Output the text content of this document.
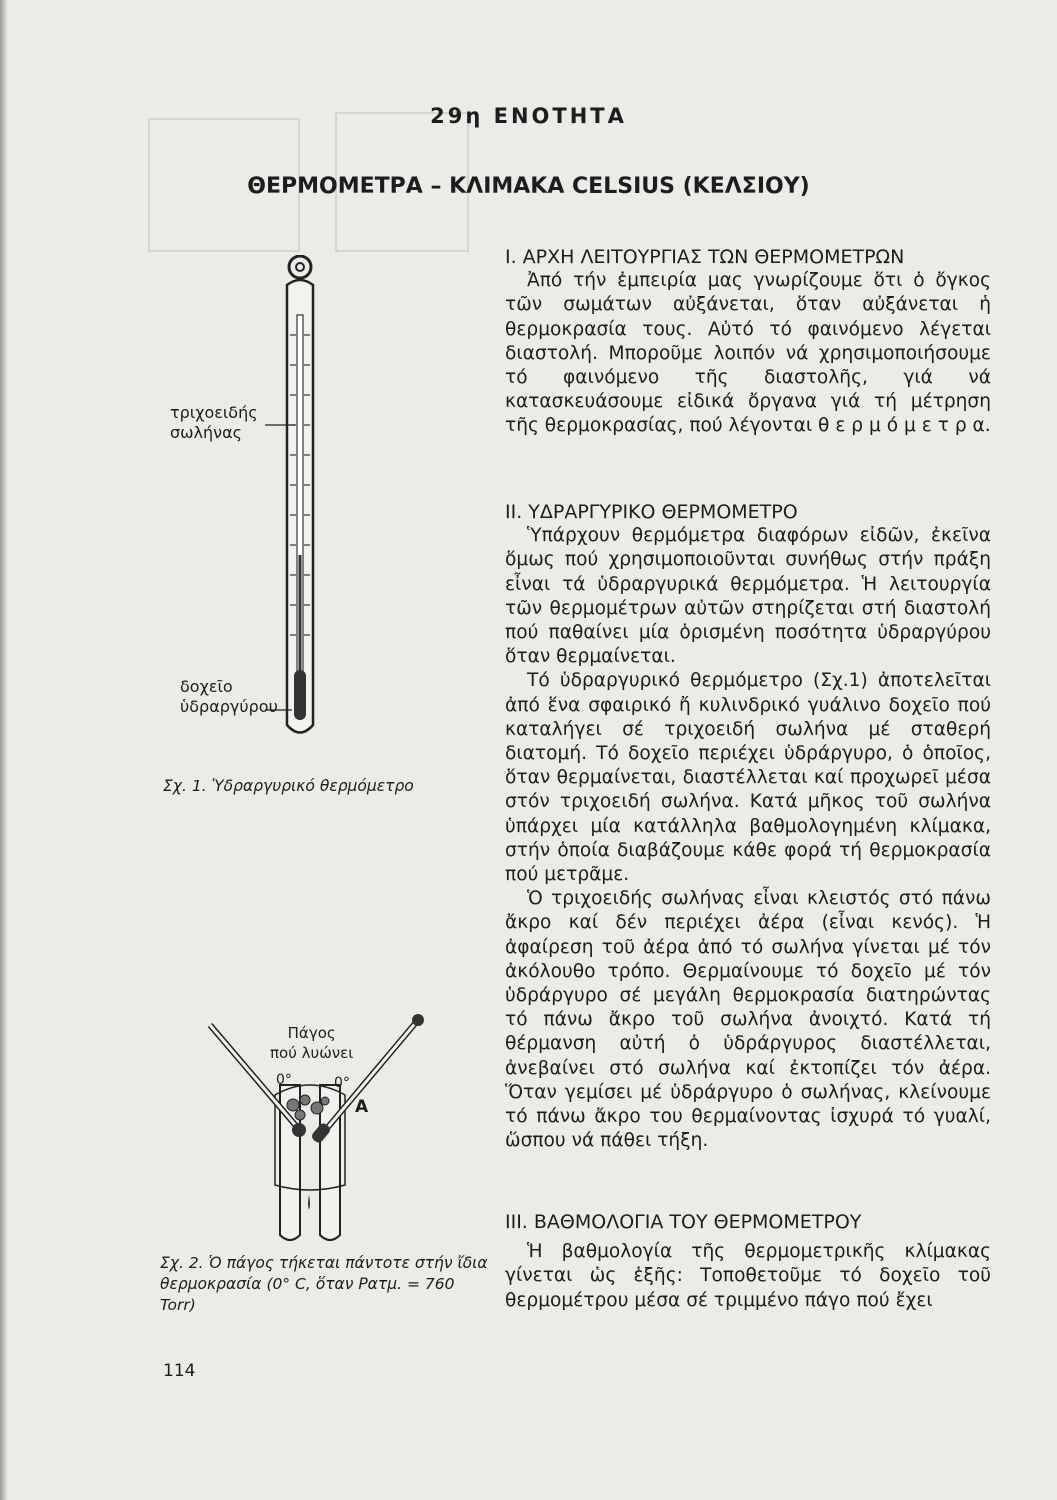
29η ΕΝΟΤΗΤΑ
ΘΕΡΜΟΜΕΤΡΑ – ΚΛΙΜΑΚΑ CELSIUS (ΚΕΛΣΙΟΥ)
τριχοειδής
σωλήνας
δοχεῖο
ὑδραργύρου
Σχ. 1. Ὑδραργυρικό θερμόμετρο
Πάγος
πού λυώνει
0°	0°
A
Σχ. 2. Ὁ πάγος τήκεται πάντοτε στήν ἴδια θερμοκρασία (0° C, ὅταν Ρατμ. = 760 Torr)
Ι. ΑΡΧΗ ΛΕΙΤΟΥΡΓΙΑΣ ΤΩΝ ΘΕΡΜΟΜΕΤΡΩΝ

Ἀπό τήν ἐμπειρία μας γνωρίζουμε ὅτι ὁ ὄγκος τῶν σωμάτων αὐξάνεται, ὅταν αὐξάνεται ἡ θερμοκρασία τους. Αὐτό τό φαινόμενο λέγεται διαστολή. Μποροῦμε λοιπόν νά χρησιμοποιήσουμε τό φαινόμενο τῆς διαστολῆς, γιά νά κατασκευάσουμε εἰδικά ὄργανα γιά τή μέτρηση τῆς θερμοκρασίας, πού λέγονται θ ε ρ μ ό μ ε τ ρ α.

ΙΙ. ΥΔΡΑΡΓΥΡΙΚΟ ΘΕΡΜΟΜΕΤΡΟ

Ὑπάρχουν θερμόμετρα διαφόρων εἰδῶν, ἐκεῖνα ὅμως πού χρησιμοποιοῦνται συνήθως στήν πράξη εἶναι τά ὑδραργυρικά θερμόμετρα. Ἡ λειτουργία τῶν θερμομέτρων αὐτῶν στηρίζεται στή διαστολή πού παθαίνει μία ὁρισμένη ποσότητα ὑδραργύρου ὅταν θερμαίνεται.

Τό ὑδραργυρικό θερμόμετρο (Σχ.1) ἀποτελεῖται ἀπό ἕνα σφαιρικό ἤ κυλινδρικό γυάλινο δοχεῖο πού καταλήγει σέ τριχοειδή σωλήνα μέ σταθερή διατομή. Τό δοχεῖο περιέχει ὑδράργυρο, ὁ ὁποῖος, ὅταν θερμαίνεται, διαστέλλεται καί προχωρεῖ μέσα στόν τριχοειδή σωλήνα. Κατά μῆκος τοῦ σωλήνα ὑπάρχει μία κατάλληλα βαθμολογημένη κλίμακα, στήν ὁποία διαβάζουμε κάθε φορά τή θερμοκρασία πού μετρᾶμε.

Ὁ τριχοειδής σωλήνας εἶναι κλειστός στό πάνω ἄκρο καί δέν περιέχει ἀέρα (εἶναι κενός). Ἡ ἀφαίρεση τοῦ ἀέρα ἀπό τό σωλήνα γίνεται μέ τόν ἀκόλουθο τρόπο. Θερμαίνουμε τό δοχεῖο μέ τόν ὑδράργυρο σέ μεγάλη θερμοκρασία διατηρώντας τό πάνω ἄκρο τοῦ σωλήνα ἀνοιχτό. Κατά τή θέρμανση αὐτή ὁ ὑδράργυρος διαστέλλεται, ἀνεβαίνει στό σωλήνα καί ἐκτοπίζει τόν ἀέρα. Ὅταν γεμίσει μέ ὑδράργυρο ὁ σωλήνας, κλείνουμε τό πάνω ἄκρο του θερμαίνοντας ἰσχυρά τό γυαλί, ὥσπου νά πάθει τήξη.

ΙΙΙ. ΒΑΘΜΟΛΟΓΙΑ ΤΟΥ ΘΕΡΜΟΜΕΤΡΟΥ

Ἡ βαθμολογία τῆς θερμομετρικῆς κλίμακας γίνεται ὡς ἑξῆς: Τοποθετοῦμε τό δοχεῖο τοῦ θερμομέτρου μέσα σέ τριμμένο πάγο πού ἔχει

114
